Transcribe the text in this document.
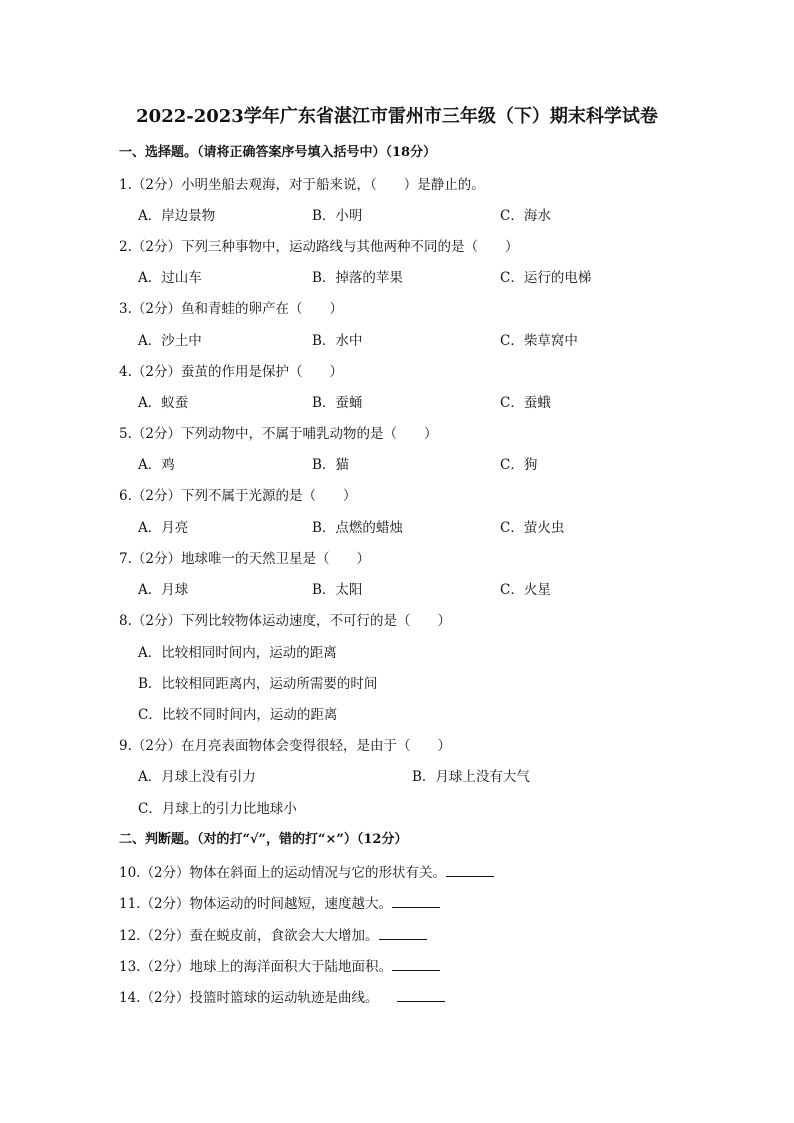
2022-2023学年广东省湛江市雷州市三年级（下）期末科学试卷
一、选择题。（请将正确答案序号填入括号中）（18分）
1.（2分）小明坐船去观海，对于船来说，（　　）是静止的。
A．岸边景物	B．小明	C．海水
2.（2分）下列三种事物中，运动路线与其他两种不同的是（　　）
A．过山车	B．掉落的苹果	C．运行的电梯
3.（2分）鱼和青蛙的卵产在（　　）
A．沙土中	B．水中	C．柴草窝中
4.（2分）蚕茧的作用是保护（　　）
A．蚁蚕	B．蚕蛹	C．蚕蛾
5.（2分）下列动物中，不属于哺乳动物的是（　　）
A．鸡	B．猫	C．狗
6.（2分）下列不属于光源的是（　　）
A．月亮	B．点燃的蜡烛	C．萤火虫
7.（2分）地球唯一的天然卫星是（　　）
A．月球	B．太阳	C．火星
8.（2分）下列比较物体运动速度，不可行的是（　　）
A．比较相同时间内，运动的距离
B．比较相同距离内，运动所需要的时间
C．比较不同时间内，运动的距离
9.（2分）在月亮表面物体会变得很轻，是由于（　　）
A．月球上没有引力	B．月球上没有大气
C．月球上的引力比地球小
二、判断题。（对的打“√”，错的打“×”）（12分）
10.（2分）物体在斜面上的运动情况与它的形状有关。
11.（2分）物体运动的时间越短，速度越大。
12.（2分）蚕在蜕皮前，食欲会大大增加。
13.（2分）地球上的海洋面积大于陆地面积。
14.（2分）投篮时篮球的运动轨迹是曲线。
